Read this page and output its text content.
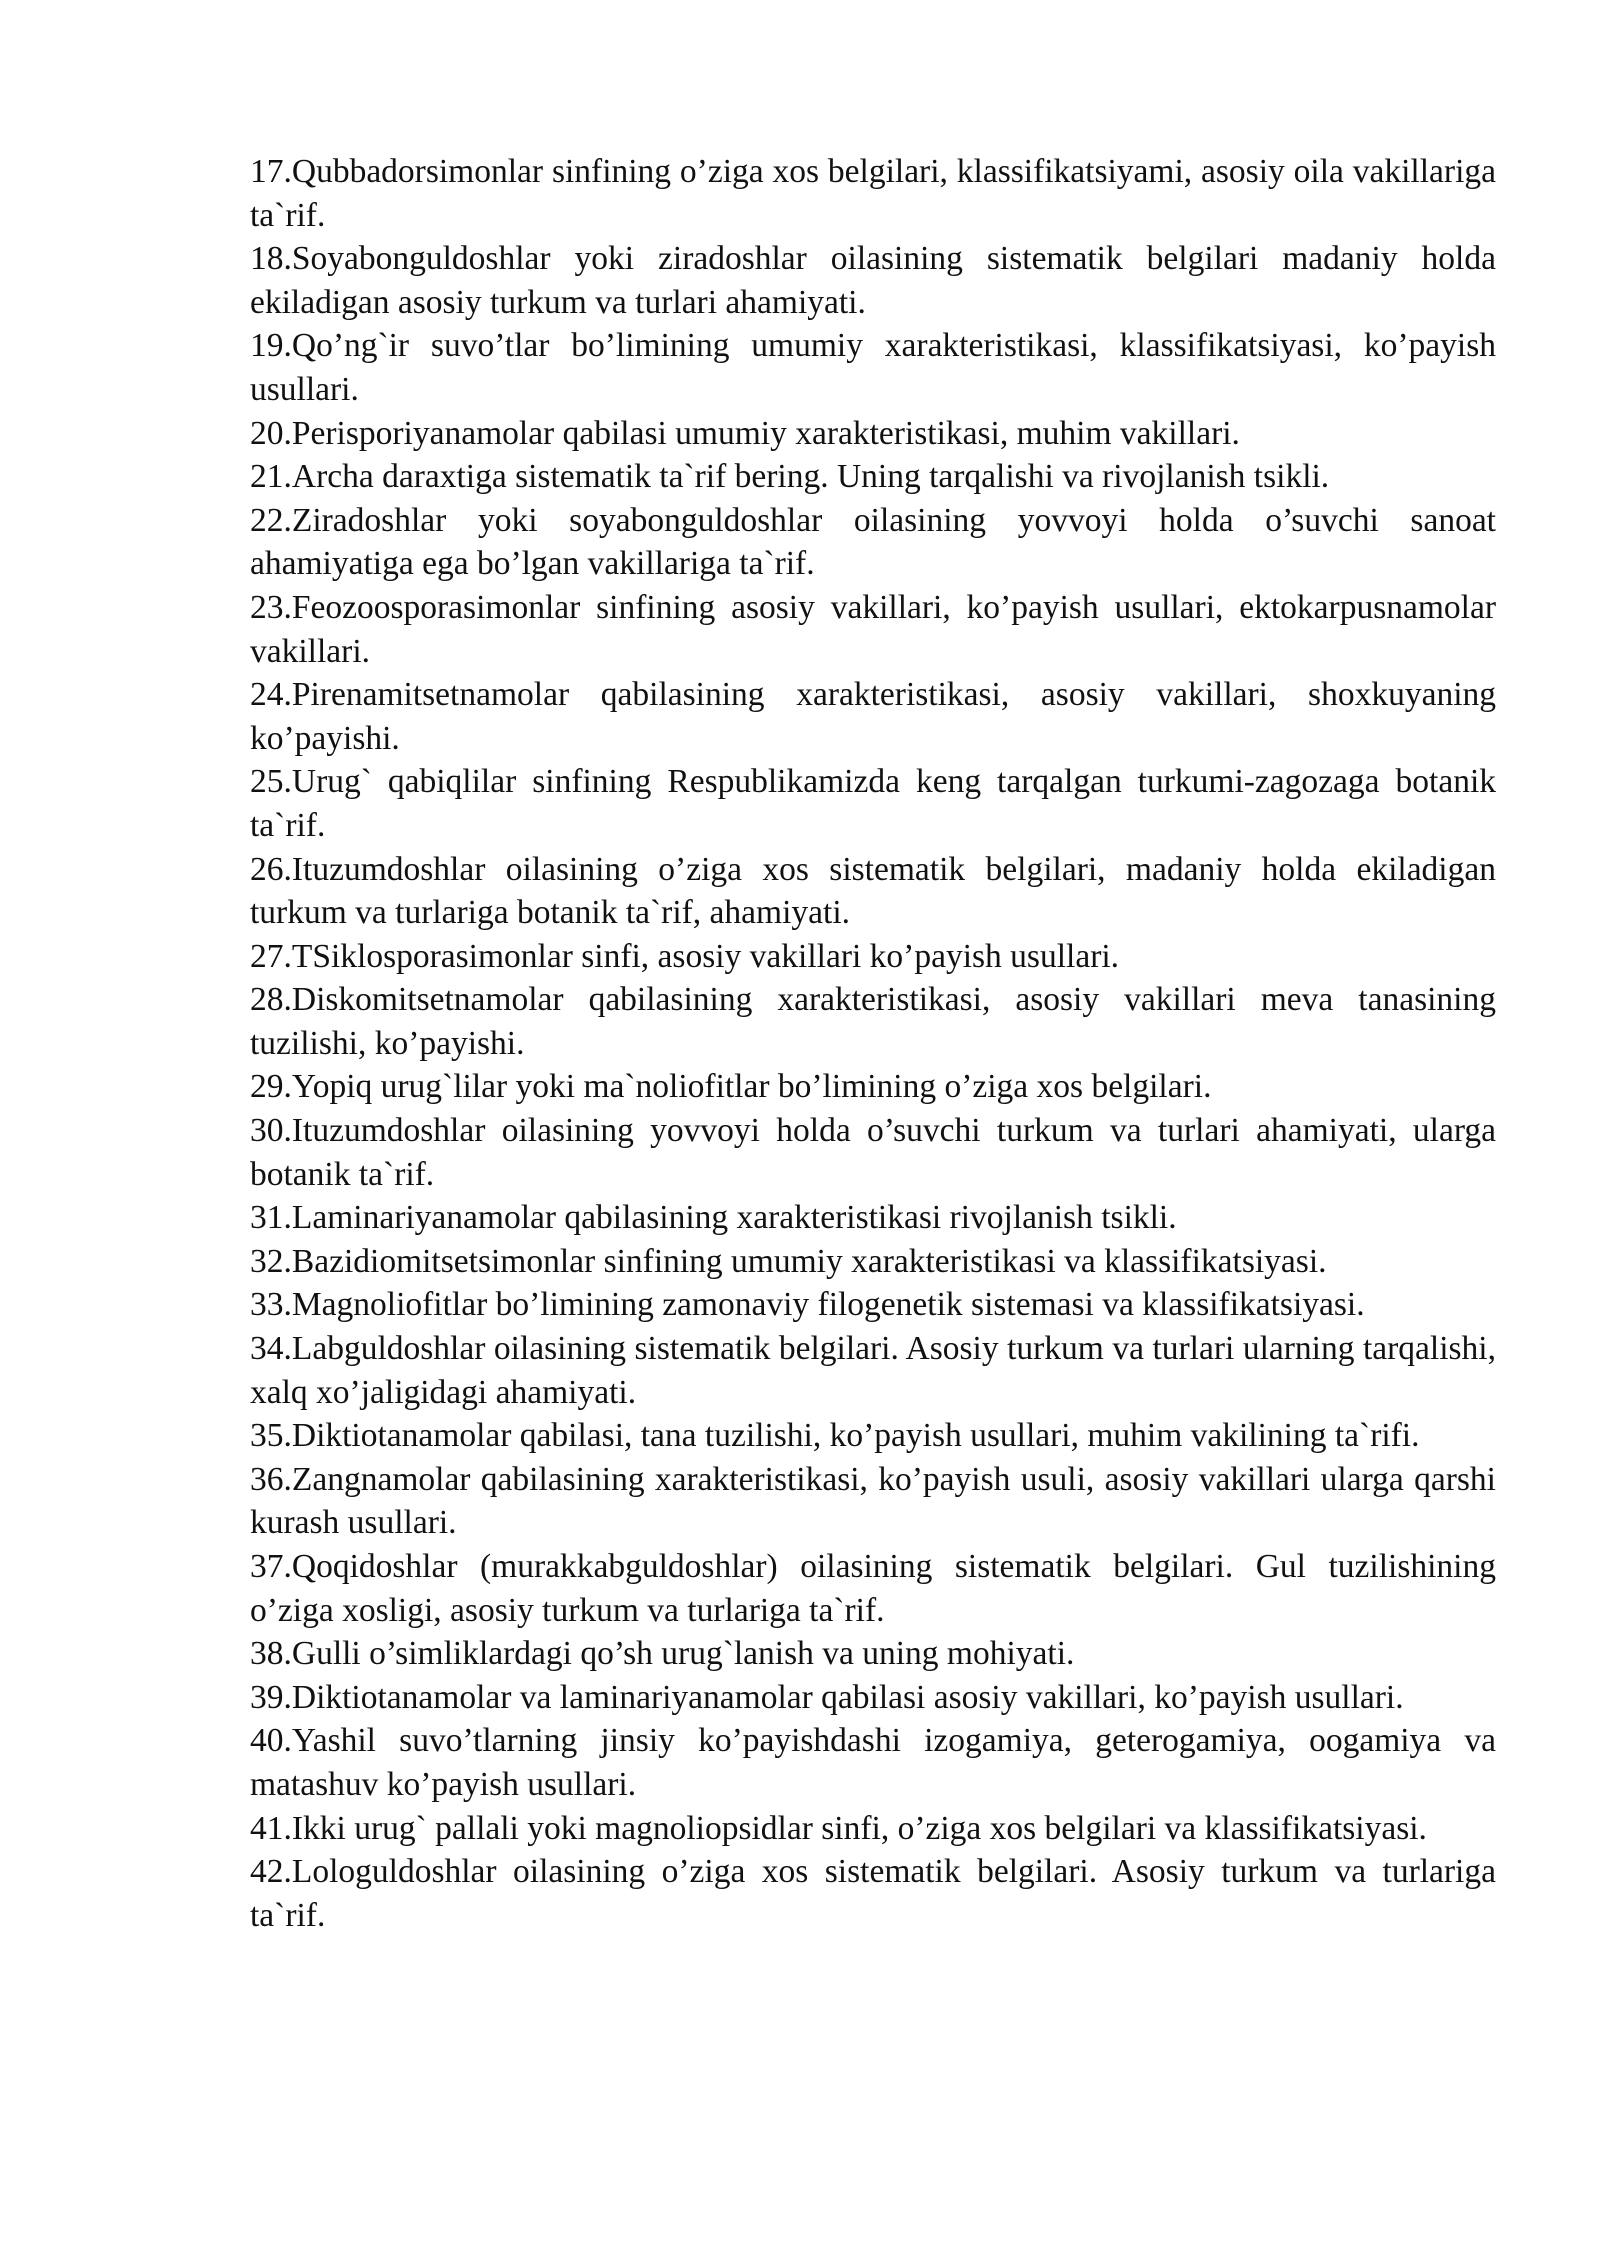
17.Qubbadorsimonlar sinfining o’ziga xos belgilari, klassifikatsiyami, asosiy oila vakillariga ta`rif.

18.Soyabonguldoshlar yoki ziradoshlar oilasining sistematik belgilari madaniy holda ekiladigan asosiy turkum va turlari ahamiyati.

19.Qo’ng`ir suvo’tlar bo’limining umumiy xarakteristikasi, klassifikatsiyasi, ko’payish usullari.

20.Perisporiyanamolar qabilasi umumiy xarakteristikasi, muhim vakillari.

21.Archa daraxtiga sistematik ta`rif bering. Uning tarqalishi va rivojlanish tsikli.

22.Ziradoshlar yoki soyabonguldoshlar oilasining yovvoyi holda o’suvchi sanoat ahamiyatiga ega bo’lgan vakillariga ta`rif.

23.Feozoosporasimonlar sinfining asosiy vakillari, ko’payish usullari, ektokarpusnamolar vakillari.

24.Pirenamitsetnamolar qabilasining xarakteristikasi, asosiy vakillari, shoxkuyaning ko’payishi.

25.Urug` qabiqlilar sinfining Respublikamizda keng tarqalgan turkumi-zagozaga botanik ta`rif.

26.Ituzumdoshlar oilasining o’ziga xos sistematik belgilari, madaniy holda ekiladigan turkum va turlariga botanik ta`rif, ahamiyati.

27.TSiklosporasimonlar sinfi, asosiy vakillari ko’payish usullari.

28.Diskomitsetnamolar qabilasining xarakteristikasi, asosiy vakillari meva tanasining tuzilishi, ko’payishi.

29.Yopiq urug`lilar yoki ma`noliofitlar bo’limining o’ziga xos belgilari.

30.Ituzumdoshlar oilasining yovvoyi holda o’suvchi turkum va turlari ahamiyati, ularga botanik ta`rif.

31.Laminariyanamolar qabilasining xarakteristikasi rivojlanish tsikli.

32.Bazidiomitsetsimonlar sinfining umumiy xarakteristikasi va klassifikatsiyasi.

33.Magnoliofitlar bo’limining zamonaviy filogenetik sistemasi va klassifikatsiyasi.

34.Labguldoshlar oilasining sistematik belgilari. Asosiy turkum va turlari ularning tarqalishi, xalq xo’jaligidagi ahamiyati.

35.Diktiotanamolar qabilasi, tana tuzilishi, ko’payish usullari, muhim vakilining ta`rifi.

36.Zangnamolar qabilasining xarakteristikasi, ko’payish usuli, asosiy vakillari ularga qarshi kurash usullari.

37.Qoqidoshlar (murakkabguldoshlar) oilasining sistematik belgilari. Gul tuzilishining o’ziga xosligi, asosiy turkum va turlariga ta`rif.

38.Gulli o’simliklardagi qo’sh urug`lanish va uning mohiyati.

39.Diktiotanamolar va laminariyanamolar qabilasi asosiy vakillari, ko’payish usullari.

40.Yashil suvo’tlarning jinsiy ko’payishdashi izogamiya, geterogamiya, oogamiya va matashuv ko’payish usullari.

41.Ikki urug` pallali yoki magnoliopsidlar sinfi, o’ziga xos belgilari va klassifikatsiyasi.

42.Lologuldoshlar oilasining o’ziga xos sistematik belgilari. Asosiy turkum va turlariga ta`rif.
